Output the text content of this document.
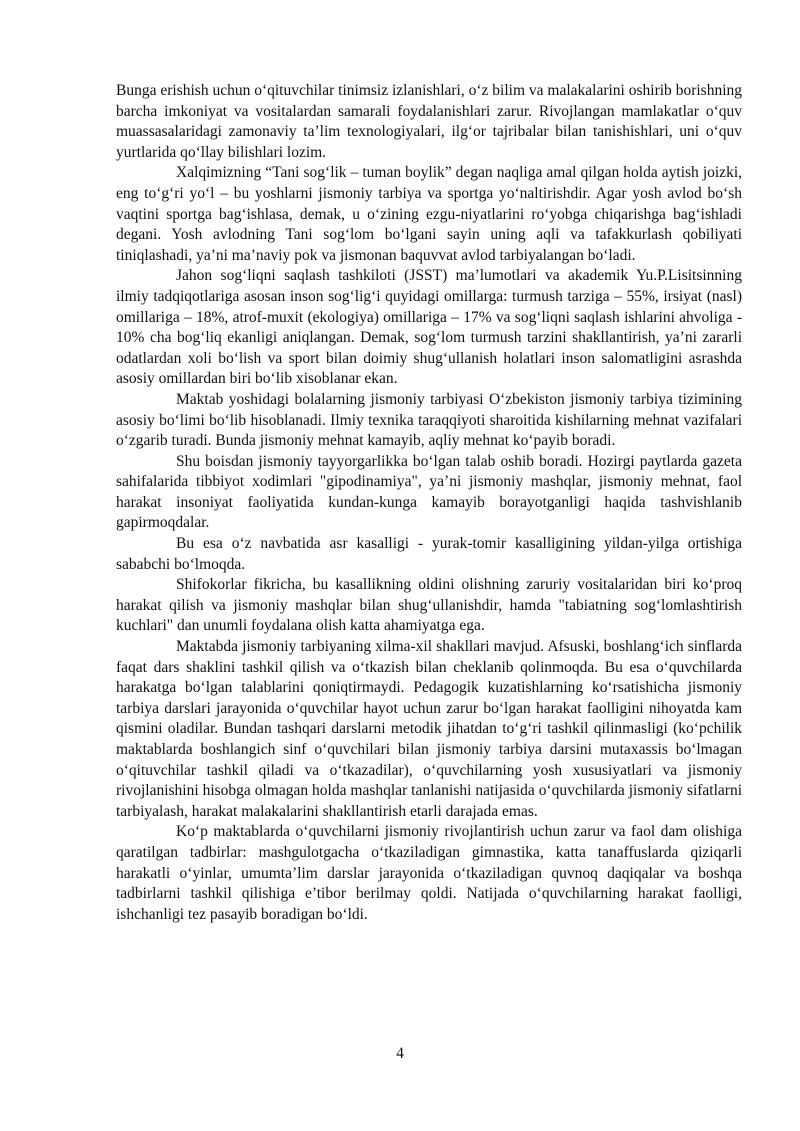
Bunga erishish uchun o‘qituvchilar tinimsiz izlanishlari, o‘z bilim va malakalarini oshirib borishning barcha imkoniyat va vositalardan samarali foydalanishlari zarur. Rivojlangan mamlakatlar o‘quv muassasalaridagi zamonaviy ta’lim texnologiyalari, ilg‘or tajribalar bilan tanishishlari, uni o‘quv yurtlarida qo‘llay bilishlari lozim.

Xalqimizning “Tani sog‘lik – tuman boylik” degan naqliga amal qilgan holda aytish joizki, eng to‘g‘ri yo‘l – bu yoshlarni jismoniy tarbiya va sportga yo‘naltirishdir. Agar yosh avlod bo‘sh vaqtini sportga bag‘ishlasa, demak, u o‘zining ezgu-niyatlarini ro‘yobga chiqarishga bag‘ishladi degani. Yosh avlodning Tani sog‘lom bo‘lgani sayin uning aqli va tafakkurlash qobiliyati tiniqlashadi, ya’ni ma’naviy pok va jismonan baquvvat avlod tarbiyalangan bo‘ladi.

Jahon sog‘liqni saqlash tashkiloti (JSST) ma’lumotlari va akademik Yu.P.Lisitsinning ilmiy tadqiqotlariga asosan inson sog‘lig‘i quyidagi omillarga: turmush tarziga – 55%, irsiyat (nasl) omillariga – 18%, atrof-muxit (ekologiya) omillariga – 17% va sog‘liqni saqlash ishlarini ahvoliga - 10% cha bog‘liq ekanligi aniqlangan. Demak, sog‘lom turmush tarzini shakllantirish, ya’ni zararli odatlardan xoli bo‘lish va sport bilan doimiy shug‘ullanish holatlari inson salomatligini asrashda asosiy omillardan biri bo‘lib xisoblanar ekan.

Maktab yoshidagi bolalarning jismoniy tarbiyasi O‘zbekiston jismoniy tarbiya tizimining asosiy bo‘limi bo‘lib hisoblanadi. Ilmiy texnika taraqqiyoti sharoitida kishilarning mehnat vazifalari o‘zgarib turadi. Bunda jismoniy mehnat kamayib, aqliy mehnat ko‘payib boradi.

Shu boisdan jismoniy tayyorgarlikka bo‘lgan talab oshib boradi. Hozirgi paytlarda gazeta sahifalarida tibbiyot xodimlari "gipodinamiya", ya’ni jismoniy mashqlar, jismoniy mehnat, faol harakat insoniyat faoliyatida kundan-kunga kamayib borayotganligi haqida tashvishlanib gapirmoqdalar.

Bu esa o‘z navbatida asr kasalligi - yurak-tomir kasalligining yildan-yilga ortishiga sababchi bo‘lmoqda.

Shifokorlar fikricha, bu kasallikning oldini olishning zaruriy vositalaridan biri ko‘proq harakat qilish va jismoniy mashqlar bilan shug‘ullanishdir, hamda "tabiatning sog‘lomlashtirish kuchlari" dan unumli foydalana olish katta ahamiyatga ega.

Maktabda jismoniy tarbiyaning xilma-xil shakllari mavjud. Afsuski, boshlang‘ich sinflarda faqat dars shaklini tashkil qilish va o‘tkazish bilan cheklanib qolinmoqda. Bu esa o‘quvchilarda harakatga bo‘lgan talablarini qoniqtirmaydi. Pedagogik kuzatishlarning ko‘rsatishicha jismoniy tarbiya darslari jarayonida o‘quvchilar hayot uchun zarur bo‘lgan harakat faolligini nihoyatda kam qismini oladilar. Bundan tashqari darslarni metodik jihatdan to‘g‘ri tashkil qilinmasligi (ko‘pchilik maktablarda boshlangich sinf o‘quvchilari bilan jismoniy tarbiya darsini mutaxassis bo‘lmagan o‘qituvchilar tashkil qiladi va o‘tkazadilar), o‘quvchilarning yosh xususiyatlari va jismoniy rivojlanishini hisobga olmagan holda mashqlar tanlanishi natijasida o‘quvchilarda jismoniy sifatlarni tarbiyalash, harakat malakalarini shakllantirish etarli darajada emas.

Ko‘p maktablarda o‘quvchilarni jismoniy rivojlantirish uchun zarur va faol dam olishiga qaratilgan tadbirlar: mashgulotgacha o‘tkaziladigan gimnastika, katta tanaffuslarda qiziqarli harakatli o‘yinlar, umumta’lim darslar jarayonida o‘tkaziladigan quvnoq daqiqalar va boshqa tadbirlarni tashkil qilishiga e’tibor berilmay qoldi. Natijada o‘quvchilarning harakat faolligi, ishchanligi tez pasayib boradigan bo‘ldi.

4
